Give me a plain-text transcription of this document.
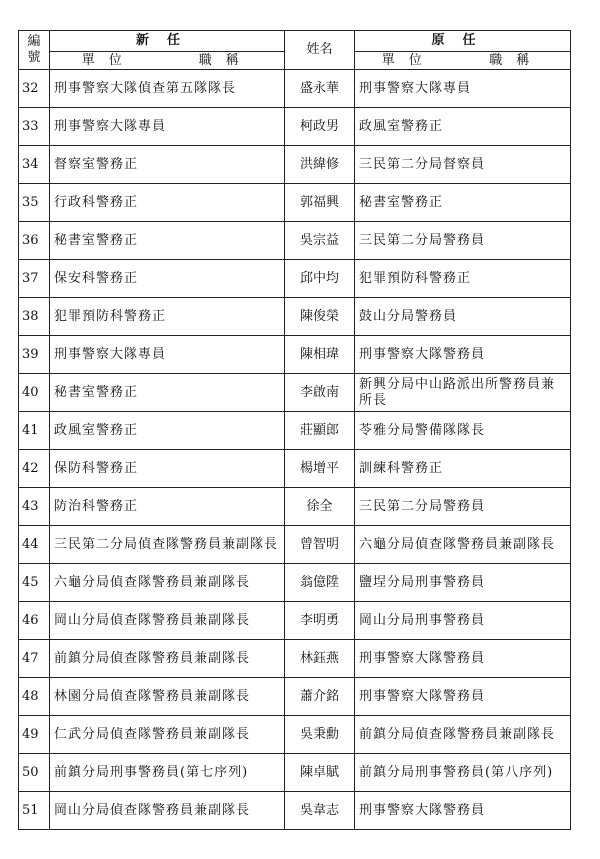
編號	新任		姓名	原任	
	單位	職稱		單位	職稱
32	刑事警察大隊偵查第五隊隊長		盛永華	刑事警察大隊專員	
33	刑事警察大隊專員		柯政男	政風室警務正	
34	督察室警務正		洪緯修	三民第二分局督察員	
35	行政科警務正		郭福興	秘書室警務正	
36	秘書室警務正		吳宗益	三民第二分局警務員	
37	保安科警務正		邱中均	犯罪預防科警務正	
38	犯罪預防科警務正		陳俊榮	鼓山分局警務員	
39	刑事警察大隊專員		陳相瑋	刑事警察大隊警務員	
40	秘書室警務正		李啟南	新興分局中山路派出所警務員兼所長	
41	政風室警務正		莊顯郎	苓雅分局警備隊隊長	
42	保防科警務正		楊增平	訓練科警務正	
43	防治科警務正		徐全	三民第二分局警務員	
44	三民第二分局偵查隊警務員兼副隊長		曾智明	六龜分局偵查隊警務員兼副隊長	
45	六龜分局偵查隊警務員兼副隊長		翁億陞	鹽埕分局刑事警務員	
46	岡山分局偵查隊警務員兼副隊長		李明勇	岡山分局刑事警務員	
47	前鎮分局偵查隊警務員兼副隊長		林鈺燕	刑事警察大隊警務員	
48	林園分局偵查隊警務員兼副隊長		蕭介銘	刑事警察大隊警務員	
49	仁武分局偵查隊警務員兼副隊長		吳秉勳	前鎮分局偵查隊警務員兼副隊長	
50	前鎮分局刑事警務員(第七序列)		陳卓賦	前鎮分局刑事警務員(第八序列)	
51	岡山分局偵查隊警務員兼副隊長		吳韋志	刑事警察大隊警務員	
